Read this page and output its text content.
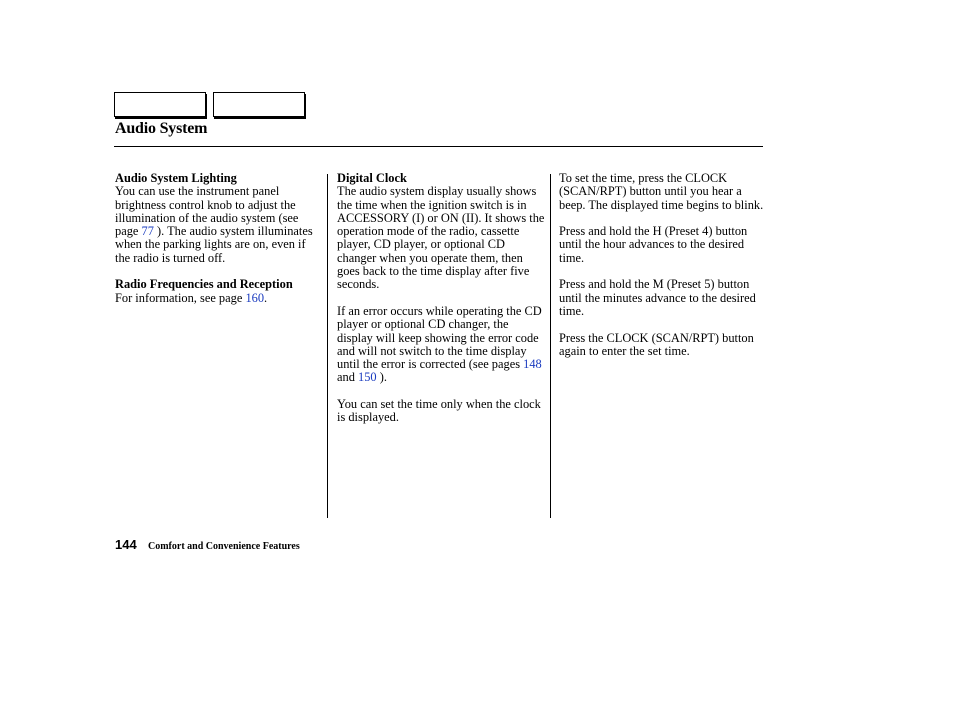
Audio System

Audio System Lighting

You can use the instrument panel brightness control knob to adjust the illumination of the audio system (see page 77 ). The audio system illuminates when the parking lights are on, even if the radio is turned off.

Radio Frequencies and Reception

For information, see page 160.

Digital Clock

The audio system display usually shows the time when the ignition switch is in ACCESSORY (I) or ON (II). It shows the operation mode of the radio, cassette player, CD player, or optional CD changer when you operate them, then goes back to the time display after five seconds.

If an error occurs while operating the CD player or optional CD changer, the display will keep showing the error code and will not switch to the time display until the error is corrected (see pages 148 and 150 ).

You can set the time only when the clock is displayed.

To set the time, press the CLOCK (SCAN/RPT) button until you hear a beep. The displayed time begins to blink.

Press and hold the H (Preset 4) button until the hour advances to the desired time.

Press and hold the M (Preset 5) button until the minutes advance to the desired time.

Press the CLOCK (SCAN/RPT) button again to enter the set time.

144 Comfort and Convenience Features
